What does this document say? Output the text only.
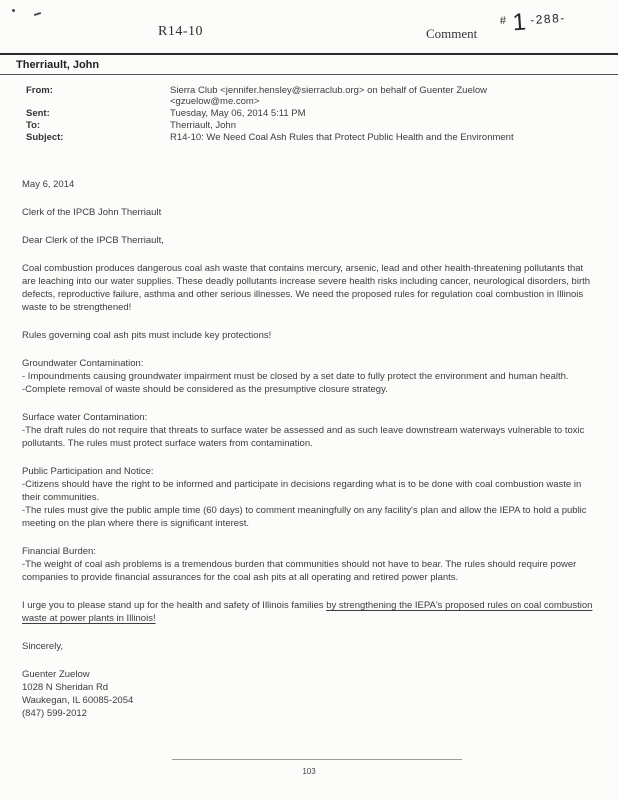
R14-10	Comment
# 1 $^{-288-}$
Therriault, John
From:	Sierra Club <jennifer.hensley@sierraclub.org> on behalf of Guenter Zuelow
<gzuelow@me.com>
Sent:	Tuesday, May 06, 2014 5:11 PM
To:	Therriault, John
Subject:	R14-10: We Need Coal Ash Rules that Protect Public Health and the Environment

May 6, 2014

Clerk of the IPCB John Therriault

Dear Clerk of the IPCB Therriault,

Coal combustion produces dangerous coal ash waste that contains mercury, arsenic, lead and other health-threatening pollutants that are leaching into our water supplies. These deadly pollutants increase severe health risks including cancer, neurological disorders, birth defects, reproductive failure, asthma and other serious illnesses. We need the proposed rules for regulation coal combustion in Illinois waste to be strengthened!

Rules governing coal ash pits must include key protections!

Groundwater Contamination:
- Impoundments causing groundwater impairment must be closed by a set date to fully protect the environment and human health.
-Complete removal of waste should be considered as the presumptive closure strategy.
Surface water Contamination:
-The draft rules do not require that threats to surface water be assessed and as such leave downstream waterways vulnerable to toxic pollutants. The rules must protect surface waters from contamination.
Public Participation and Notice:
-Citizens should have the right to be informed and participate in decisions regarding what is to be done with coal combustion waste in their communities.
-The rules must give the public ample time (60 days) to comment meaningfully on any facility's plan and allow the IEPA to hold a public meeting on the plan where there is significant interest.
Financial Burden:
-The weight of coal ash problems is a tremendous burden that communities should not have to bear. The rules should require power companies to provide financial assurances for the coal ash pits at all operating and retired power plants.

I urge you to please stand up for the health and safety of Illinois families by strengthening the IEPA's proposed rules on coal combustion waste at power plants in Illinois!

Sincerely,

Guenter Zuelow
1028 N Sheridan Rd
Waukegan, IL 60085-2054
(847) 599-2012
103
